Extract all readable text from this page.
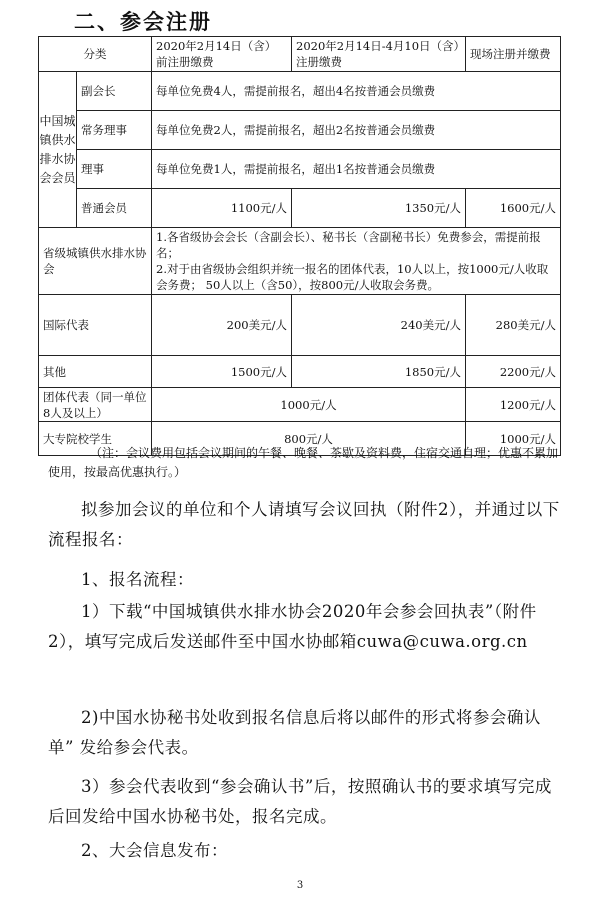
二、参会注册
分类		2020年2月14日（含）前注册缴费	2020年2月14日-4月10日（含）注册缴费	现场注册并缴费
中国城镇供水排水协会会员	副会长	每单位免费4人，需提前报名，超出4名按普通会员缴费		
	常务理事	每单位免费2人，需提前报名，超出2名按普通会员缴费		
	理事	每单位免费1人，需提前报名，超出1名按普通会员缴费		
	普通会员	1100元/人	1350元/人	1600元/人
省级城镇供水排水协会		1.各省级协会会长（含副会长）、秘书长（含副秘书长）免费参会，需提前报名；
2.对于由省级协会组织并统一报名的团体代表，10人以上，按1000元/人收取会务费； 50人以上（含50），按800元/人收取会务费。		

国际代表		200美元/人	240美元/人	280美元/人
其他		1500元/人	1850元/人	2200元/人
团体代表（同一单位8人及以上）		1000元/人		1200元/人
大专院校学生		800元/人		1000元/人
（注：会议费用包括会议期间的午餐、晚餐、茶歇及资料费，住宿交通自理；优惠不累加使用，按最高优惠执行。）
拟参加会议的单位和个人请填写会议回执（附件2），并通过以下流程报名：
1、报名流程：
1）下载“中国城镇供水排水协会2020年会参会回执表”（附件2），填写完成后发送邮件至中国水协邮箱cuwa@cuwa.org.cn
2)中国水协秘书处收到报名信息后将以邮件的形式将参会确认单” 发给参会代表。
3）参会代表收到“参会确认书”后，按照确认书的要求填写完成后回发给中国水协秘书处，报名完成。
2、大会信息发布：
3
